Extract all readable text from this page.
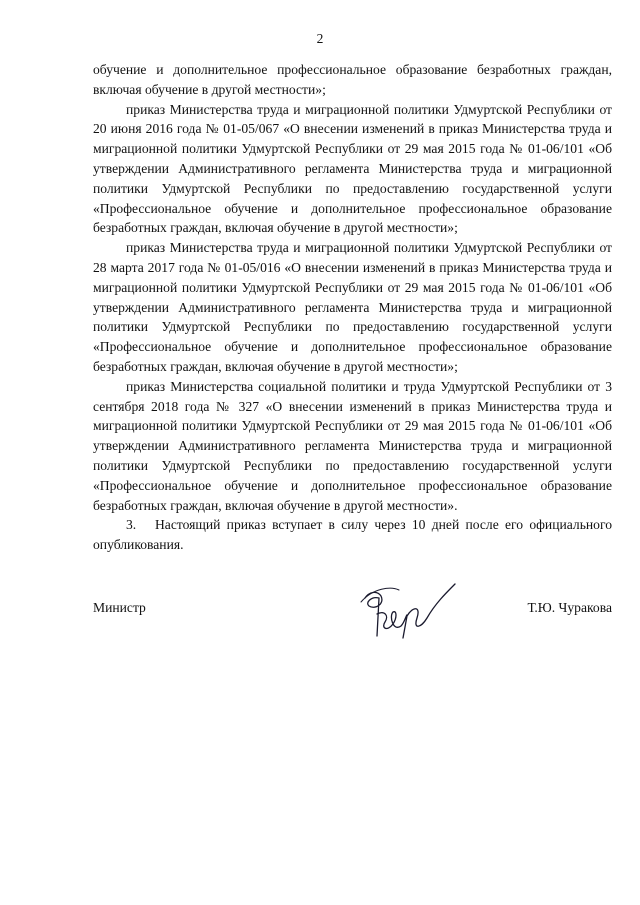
2

обучение и дополнительное профессиональное образование безработных граждан, включая обучение в другой местности»;

приказ Министерства труда и миграционной политики Удмуртской Республики от 20 июня 2016 года № 01-05/067 «О внесении изменений в приказ Министерства труда и миграционной политики Удмуртской Республики от 29 мая 2015 года № 01-06/101 «Об утверждении Административного регламента Министерства труда и миграционной политики Удмуртской Республики по предоставлению государственной услуги «Профессиональное обучение и дополнительное профессиональное образование безработных граждан, включая обучение в другой местности»;

приказ Министерства труда и миграционной политики Удмуртской Республики от 28 марта 2017 года № 01-05/016 «О внесении изменений в приказ Министерства труда и миграционной политики Удмуртской Республики от 29 мая 2015 года № 01-06/101 «Об утверждении Административного регламента Министерства труда и миграционной политики Удмуртской Республики по предоставлению государственной услуги «Профессиональное обучение и дополнительное профессиональное образование безработных граждан, включая обучение в другой местности»;

приказ Министерства социальной политики и труда Удмуртской Республики от 3 сентября 2018 года № 327 «О внесении изменений в приказ Министерства труда и миграционной политики Удмуртской Республики от 29 мая 2015 года № 01-06/101 «Об утверждении Административного регламента Министерства труда и миграционной политики Удмуртской Республики по предоставлению государственной услуги «Профессиональное обучение и дополнительное профессиональное образование безработных граждан, включая обучение в другой местности».

3.   Настоящий приказ вступает в силу через 10 дней после его официального опубликования.

Министр	Т.Ю. Чуракова
